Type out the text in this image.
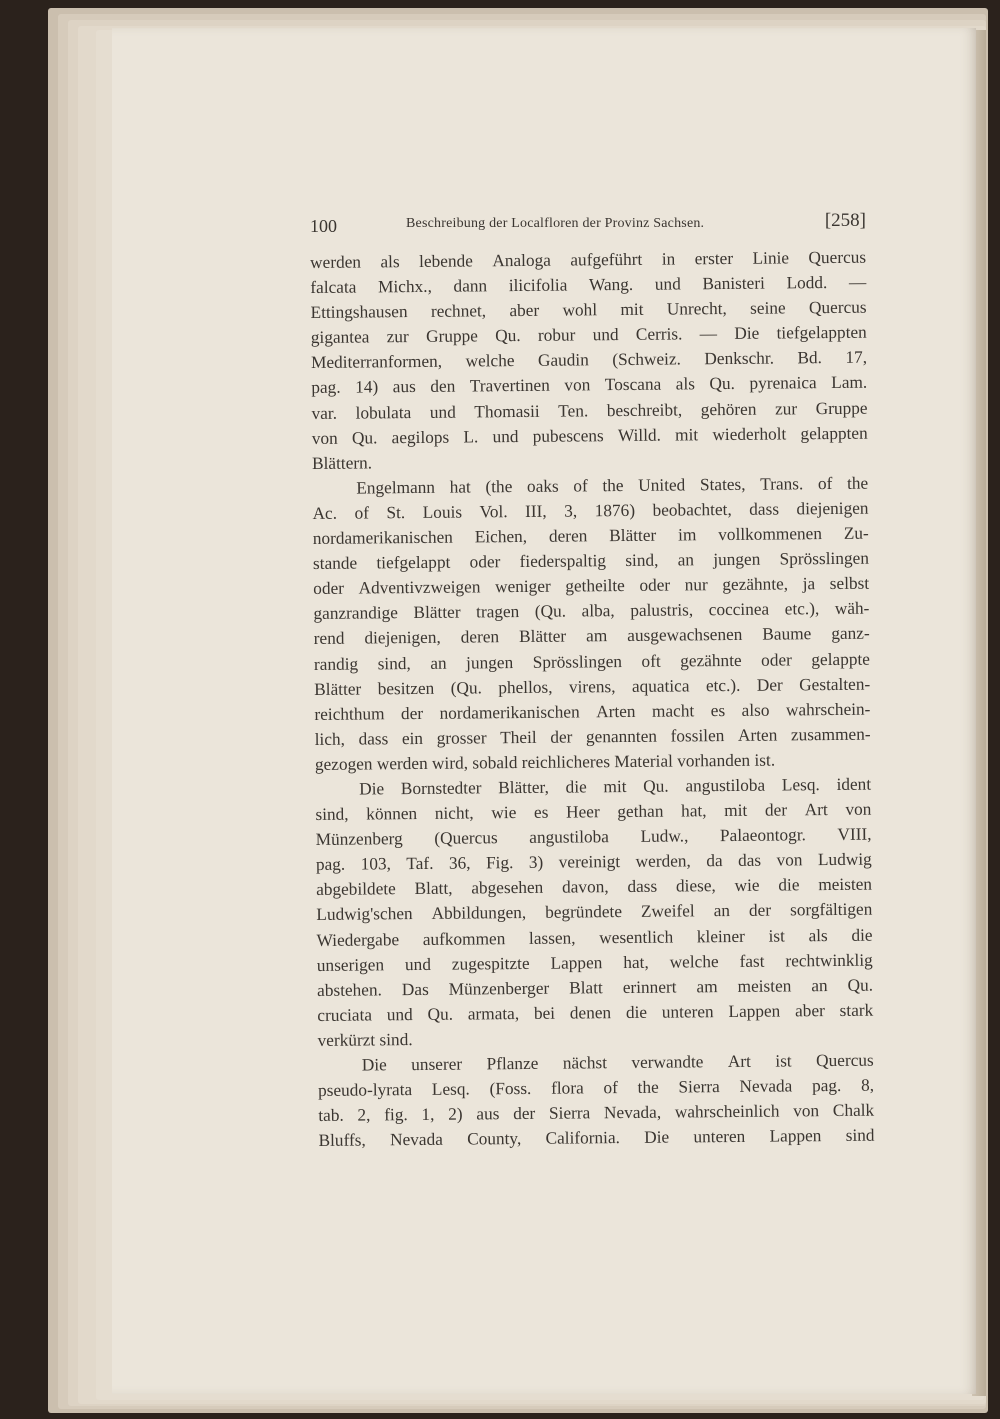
100	Beschreibung der Localfloren der Provinz Sachsen.	[258]
werden als lebende Analoga aufgeführt in erster Linie Quercus
falcata Michx., dann ilicifolia Wang. und Banisteri Lodd. —
Ettingshausen rechnet, aber wohl mit Unrecht, seine Quercus
gigantea zur Gruppe Qu. robur und Cerris. — Die tiefgelappten
Mediterranformen, welche Gaudin (Schweiz. Denkschr. Bd. 17,
pag. 14) aus den Travertinen von Toscana als Qu. pyrenaica Lam.
var. lobulata und Thomasii Ten. beschreibt, gehören zur Gruppe
von Qu. aegilops L. und pubescens Willd. mit wiederholt gelappten
Blättern.
Engelmann hat (the oaks of the United States, Trans. of the
Ac. of St. Louis Vol. III, 3, 1876) beobachtet, dass diejenigen
nordamerikanischen Eichen, deren Blätter im vollkommenen Zu-
stande tiefgelappt oder fiederspaltig sind, an jungen Sprösslingen
oder Adventivzweigen weniger getheilte oder nur gezähnte, ja selbst
ganzrandige Blätter tragen (Qu. alba, palustris, coccinea etc.), wäh-
rend diejenigen, deren Blätter am ausgewachsenen Baume ganz-
randig sind, an jungen Sprösslingen oft gezähnte oder gelappte
Blätter besitzen (Qu. phellos, virens, aquatica etc.). Der Gestalten-
reichthum der nordamerikanischen Arten macht es also wahrschein-
lich, dass ein grosser Theil der genannten fossilen Arten zusammen-
gezogen werden wird, sobald reichlicheres Material vorhanden ist.
Die Bornstedter Blätter, die mit Qu. angustiloba Lesq. ident
sind, können nicht, wie es Heer gethan hat, mit der Art von
Münzenberg (Quercus angustiloba Ludw., Palaeontogr. VIII,
pag. 103, Taf. 36, Fig. 3) vereinigt werden, da das von Ludwig
abgebildete Blatt, abgesehen davon, dass diese, wie die meisten
Ludwig'schen Abbildungen, begründete Zweifel an der sorgfältigen
Wiedergabe aufkommen lassen, wesentlich kleiner ist als die
unserigen und zugespitzte Lappen hat, welche fast rechtwinklig
abstehen. Das Münzenberger Blatt erinnert am meisten an Qu.
cruciata und Qu. armata, bei denen die unteren Lappen aber stark
verkürzt sind.
Die unserer Pflanze nächst verwandte Art ist Quercus
pseudo-lyrata Lesq. (Foss. flora of the Sierra Nevada pag. 8,
tab. 2, fig. 1, 2) aus der Sierra Nevada, wahrscheinlich von Chalk
Bluffs, Nevada County, California. Die unteren Lappen sind
